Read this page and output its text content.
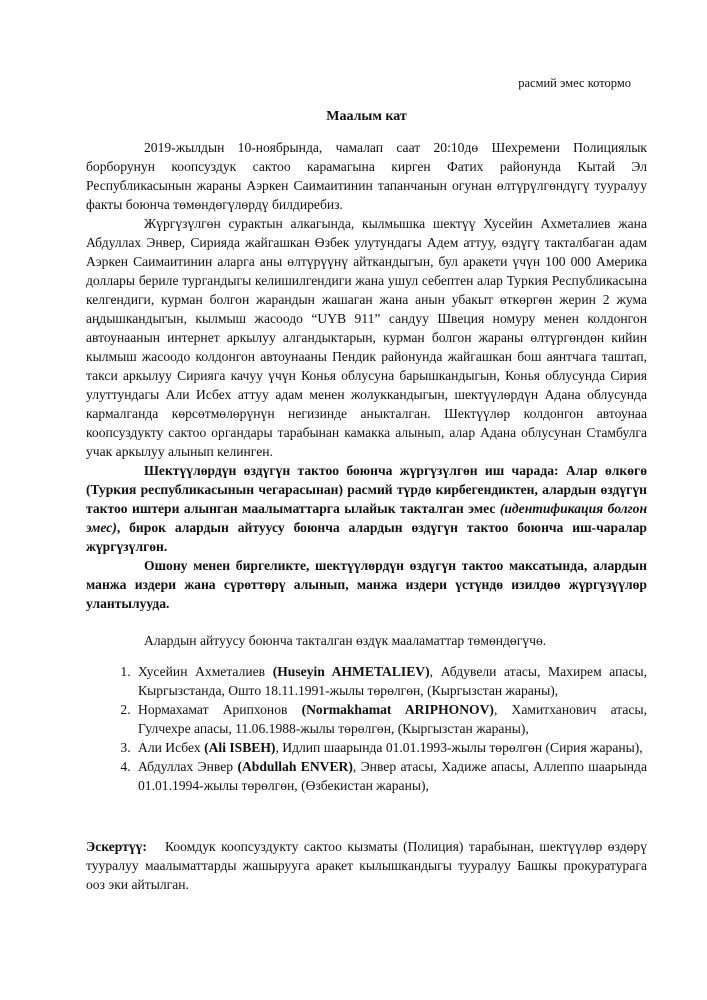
расмий эмес котормо
Маалым кат

2019-жылдын 10-ноябрында, чамалап саат 20:10дө Шехремени Полициялык борборунун коопсуздук сактоо карамагына кирген Фатих районунда Кытай Эл Республикасынын жараны Аэркен Саимаитинин тапанчанын огунан өлтүрүлгөндүгү тууралуу факты боюнча төмөндөгүлөрдү билдиребиз.

Жүргүзүлгөн сурактын алкагында, кылмышка шектүү Хусейин Ахметалиев жана Абдуллах Энвер, Сирияда жайгашкан Өзбек улутундагы Адем аттуу, өздүгү такталбаган адам Аэркен Саимаитинин аларга аны өлтүрүүнү айткандыгын, бул аракети үчүн 100 000 Америка доллары бериле тургандыгы келишилгендиги жана ушул себептен алар Туркия Республикасына келгендиги, курман болгон жарандын жашаган жана анын убакыт өткөргөн жерин 2 жума аңдышкандыгын, кылмыш жасоодо “UYB 911” сандуу Швеция номуру менен колдонгон автоунаанын интернет аркылуу алгандыктарын, курман болгон жараны өлтүргөндөн кийин кылмыш жасоодо колдонгон автоунааны Пендик районунда жайгашкан бош аянтчага таштап, такси аркылуу Сирияга качуу үчүн Конья облусуна барышкандыгын, Конья облусунда Сирия улуттундагы Али Исбех аттуу адам менен жолуккандыгын, шектүүлөрдүн Адана облусунда кармалганда көрсөтмөлөрүнүн негизинде аныкталган. Шектүүлөр колдонгон автоунаа коопсуздукту сактоо органдары тарабынан камакка алынып, алар Адана облусунан Стамбулга учак аркылуу алынып келинген.

Шектүүлөрдүн өздүгүн тактоо боюнча жүргүзүлгөн иш чарада: Алар өлкөгө (Туркия республикасынын чегарасынан) расмий түрдө кирбегендиктен, алардын өздүгүн тактоо иштери алынган маалыматтарга ылайык такталган эмес (идентификация болгон эмес), бирок алардын айтуусу боюнча алардын өздүгүн тактоо боюнча иш-чаралар жүргүзүлгөн.

Ошону менен биргеликте, шектүүлөрдүн өздүгүн тактоо максатында, алардын манжа издери жана сүрөттөрү алынып, манжа издери үстүндө изилдөө жүргүзүүлөр улантылууда.

Алардын айтуусу боюнча такталган өздүк мааламаттар төмөндөгүчө.

1. Хусейин Ахметалиев (Huseyin AHMETALIEV), Абдувели атасы, Махирем апасы, Кыргызстанда, Ошто 18.11.1991-жылы төрөлгөн, (Кыргызстан жараны),
2. Нормахамат Арипхонов (Normakhamat ARIPHONOV), Хамитханович атасы, Гулчехре апасы, 11.06.1988-жылы төрөлгөн, (Кыргызстан жараны),
3. Али Исбех (Ali ISBEH), Идлип шаарында 01.01.1993-жылы төрөлгөн (Сирия жараны),
4. Абдуллах Энвер (Abdullah ENVER), Энвер атасы, Хадиже апасы, Аллеппо шаарында 01.01.1994-жылы төрөлгөн, (Өзбекистан жараны),

Эскертүү: Коомдук коопсуздукту сактоо кызматы (Полиция) тарабынан, шектүүлөр өздөрү тууралуу маалыматтарды жашырууга аракет кылышкандыгы тууралуу Башкы прокуратурага ооз эки айтылган.
